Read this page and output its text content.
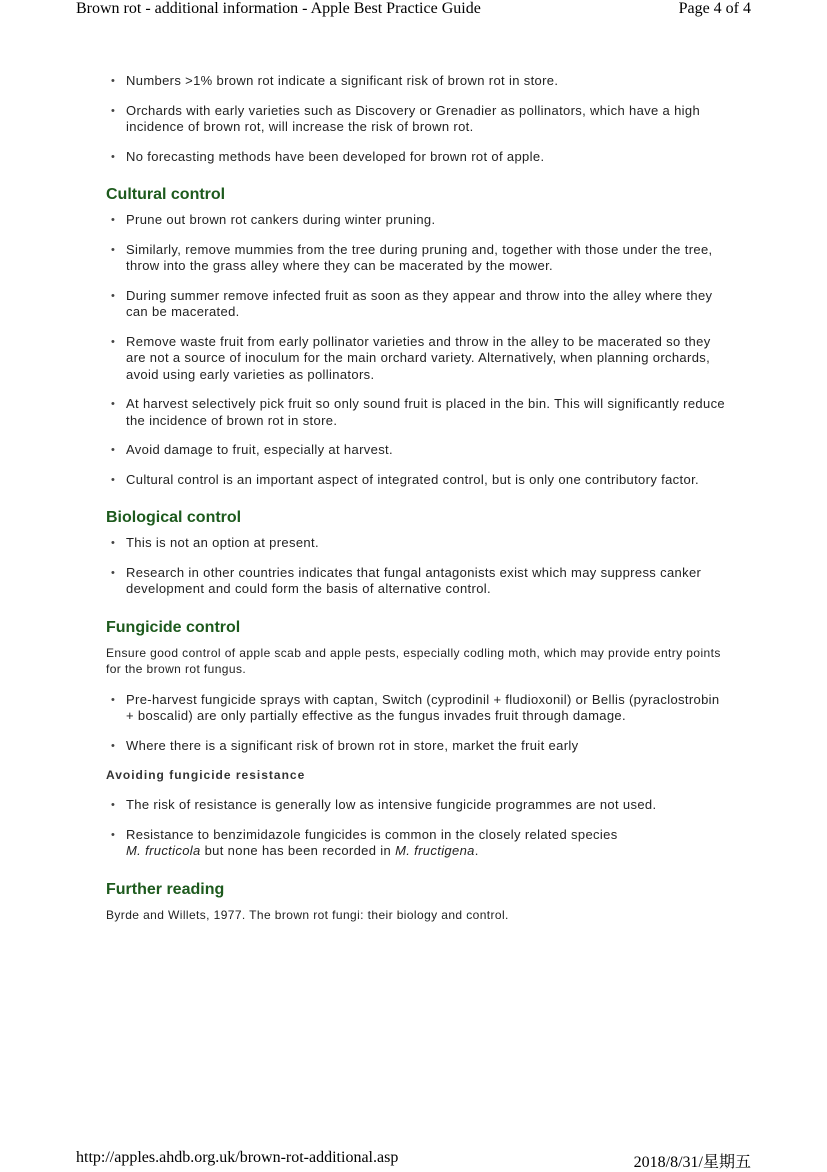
Brown rot - additional information - Apple Best Practice Guide	Page 4 of 4
• Numbers >1% brown rot indicate a significant risk of brown rot in store.
• Orchards with early varieties such as Discovery or Grenadier as pollinators, which have a high incidence of brown rot, will increase the risk of brown rot.
• No forecasting methods have been developed for brown rot of apple.
Cultural control
• Prune out brown rot cankers during winter pruning.
• Similarly, remove mummies from the tree during pruning and, together with those under the tree, throw into the grass alley where they can be macerated by the mower.
• During summer remove infected fruit as soon as they appear and throw into the alley where they can be macerated.
• Remove waste fruit from early pollinator varieties and throw in the alley to be macerated so they are not a source of inoculum for the main orchard variety. Alternatively, when planning orchards, avoid using early varieties as pollinators.
• At harvest selectively pick fruit so only sound fruit is placed in the bin. This will significantly reduce the incidence of brown rot in store.
• Avoid damage to fruit, especially at harvest.
• Cultural control is an important aspect of integrated control, but is only one contributory factor.
Biological control
• This is not an option at present.
• Research in other countries indicates that fungal antagonists exist which may suppress canker development and could form the basis of alternative control.
Fungicide control

Ensure good control of apple scab and apple pests, especially codling moth, which may provide entry points for the brown rot fungus.

• Pre-harvest fungicide sprays with captan, Switch (cyprodinil + fludioxonil) or Bellis (pyraclostrobin + boscalid) are only partially effective as the fungus invades fruit through damage.
• Where there is a significant risk of brown rot in store, market the fruit early
Avoiding fungicide resistance
• The risk of resistance is generally low as intensive fungicide programmes are not used.
• Resistance to benzimidazole fungicides is common in the closely related species
M. fructicola but none has been recorded in M. fructigena.
Further reading

Byrde and Willets, 1977. The brown rot fungi: their biology and control.

http://apples.ahdb.org.uk/brown-rot-additional.asp	2018/8/31/星期五
